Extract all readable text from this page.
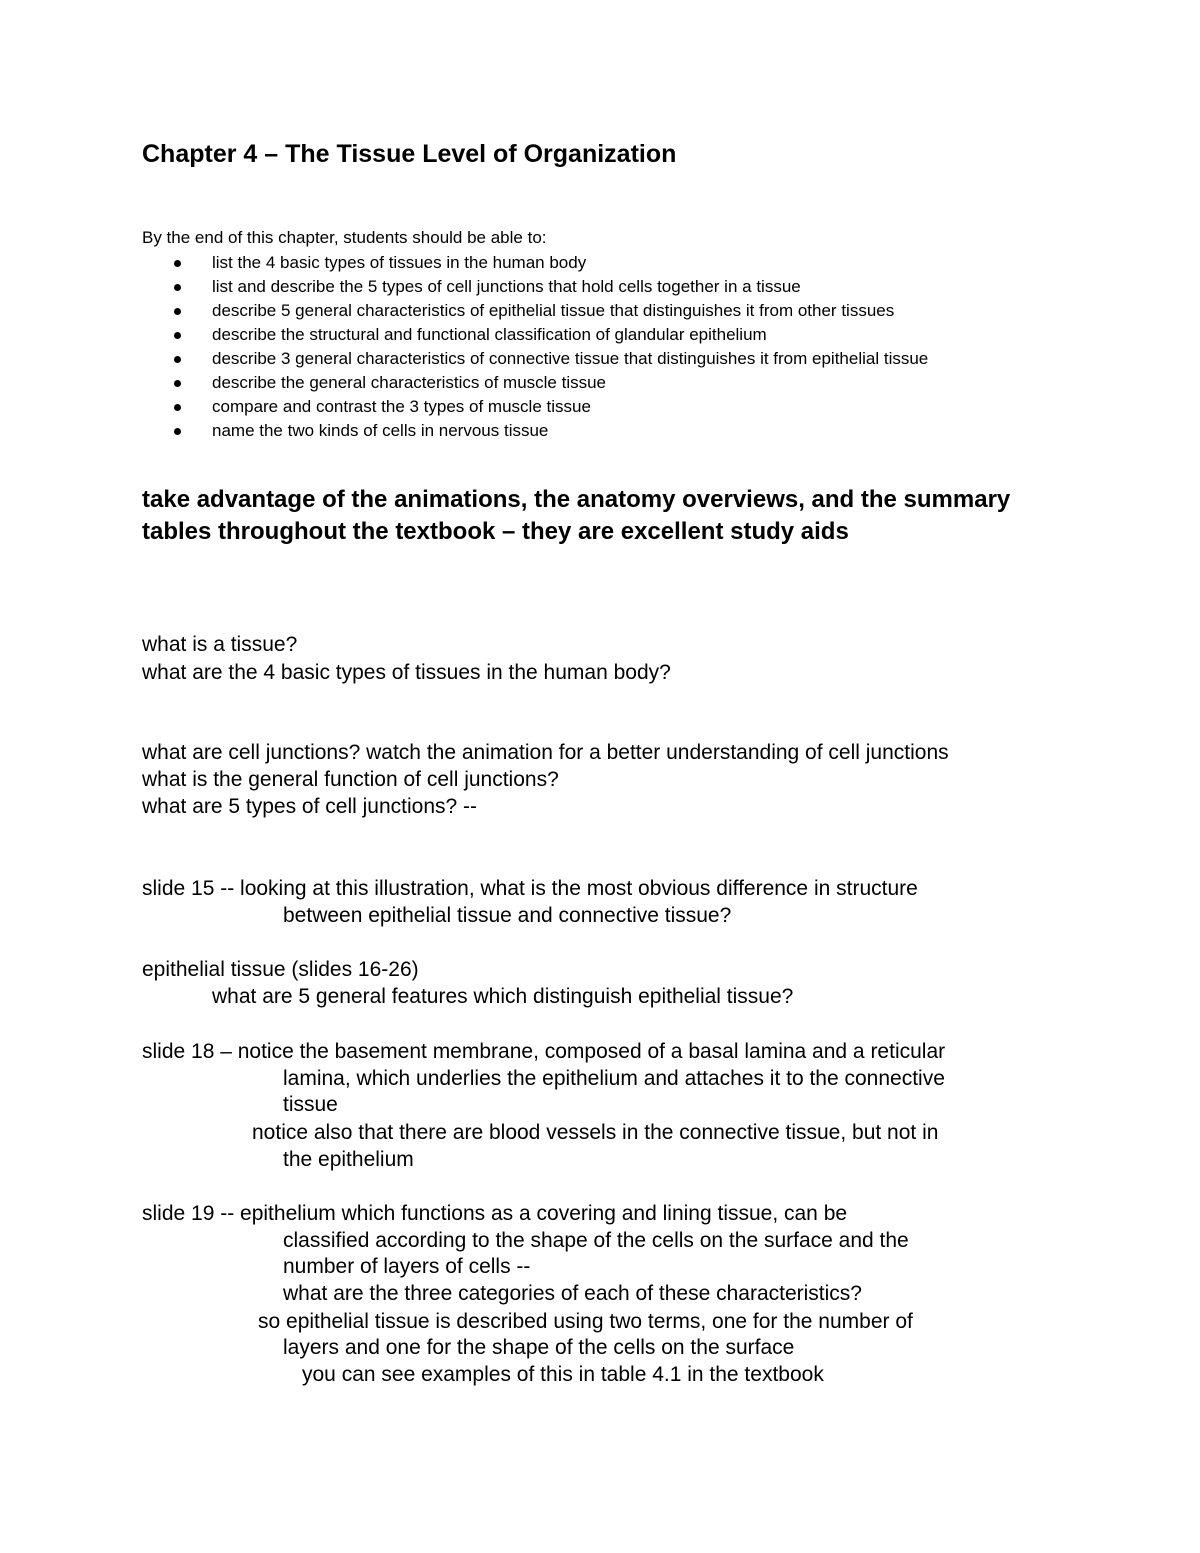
Chapter 4 – The Tissue Level of Organization
By the end of this chapter, students should be able to:
list the 4 basic types of tissues in the human body
list and describe the 5 types of cell junctions that hold cells together in a tissue
describe 5 general characteristics of epithelial tissue that distinguishes it from other tissues
describe the structural and functional classification of glandular epithelium
describe 3 general characteristics of connective tissue that distinguishes it from epithelial tissue
describe the general characteristics of muscle tissue
compare and contrast the 3 types of muscle tissue
name the two kinds of cells in nervous tissue
take advantage of the animations, the anatomy overviews, and the summary tables throughout the textbook – they are excellent study aids
what is a tissue?
what are the 4 basic types of tissues in the human body?
what are cell junctions? watch the animation for a better understanding of cell junctions
what is the general function of cell junctions?
what are 5 types of cell junctions? --
slide 15 -- looking at this illustration, what is the most obvious difference in structure
between epithelial tissue and connective tissue?
epithelial tissue (slides 16-26)
what are 5 general features which distinguish epithelial tissue?
slide 18 – notice the basement membrane, composed of a basal lamina and a reticular
lamina, which underlies the epithelium and attaches it to the connective
tissue
notice also that there are blood vessels in the connective tissue, but not in
the epithelium
slide 19 -- epithelium which functions as a covering and lining tissue, can be
classified according to the shape of the cells on the surface and the
number of layers of cells --
what are the three categories of each of these characteristics?
so epithelial tissue is described using two terms, one for the number of
layers and one for the shape of the cells on the surface
you can see examples of this in table 4.1 in the textbook
